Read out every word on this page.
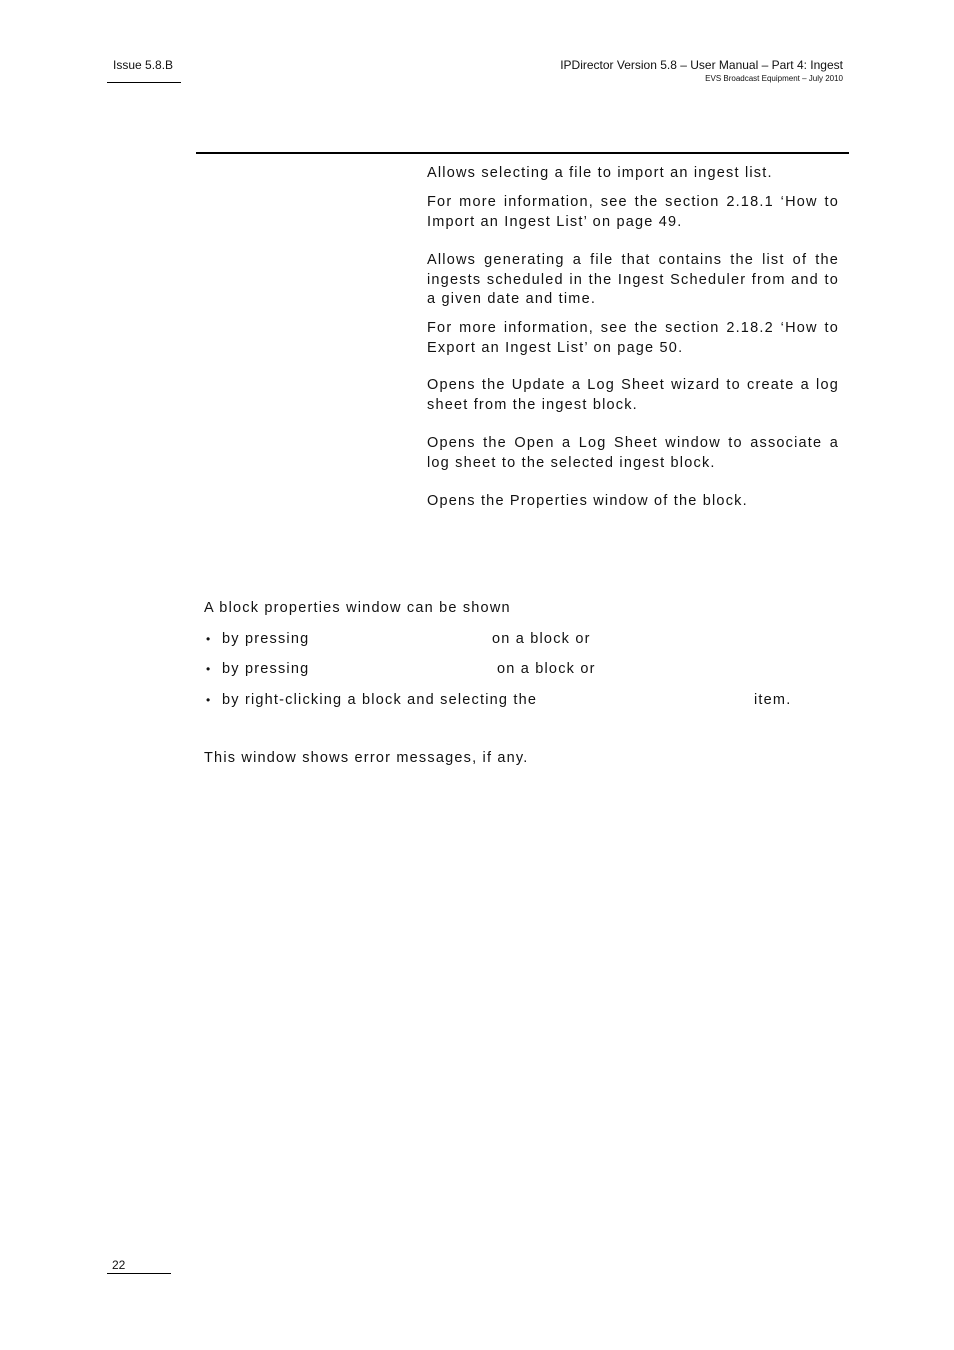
Issue 5.8.B	IPDirector Version 5.8 – User Manual – Part 4: Ingest
EVS Broadcast Equipment – July 2010

Allows selecting a file to import an ingest list.

For more information, see the section 2.18.1 ‘How to Import an Ingest List’ on page 49.

Allows generating a file that contains the list of the ingests scheduled in the Ingest Scheduler from and to a given date and time.

For more information, see the section 2.18.2 ‘How to Export an Ingest List’ on page 50.

Opens the Update a Log Sheet wizard to create a log sheet from the ingest block.

Opens the Open a Log Sheet window to associate a log sheet to the selected ingest block.

Opens the Properties window of the block.

A block properties window can be shown
• by pressing	on a block or
• by pressing	on a block or
• by right-clicking a block and selecting the	item.
This window shows error messages, if any.
22
